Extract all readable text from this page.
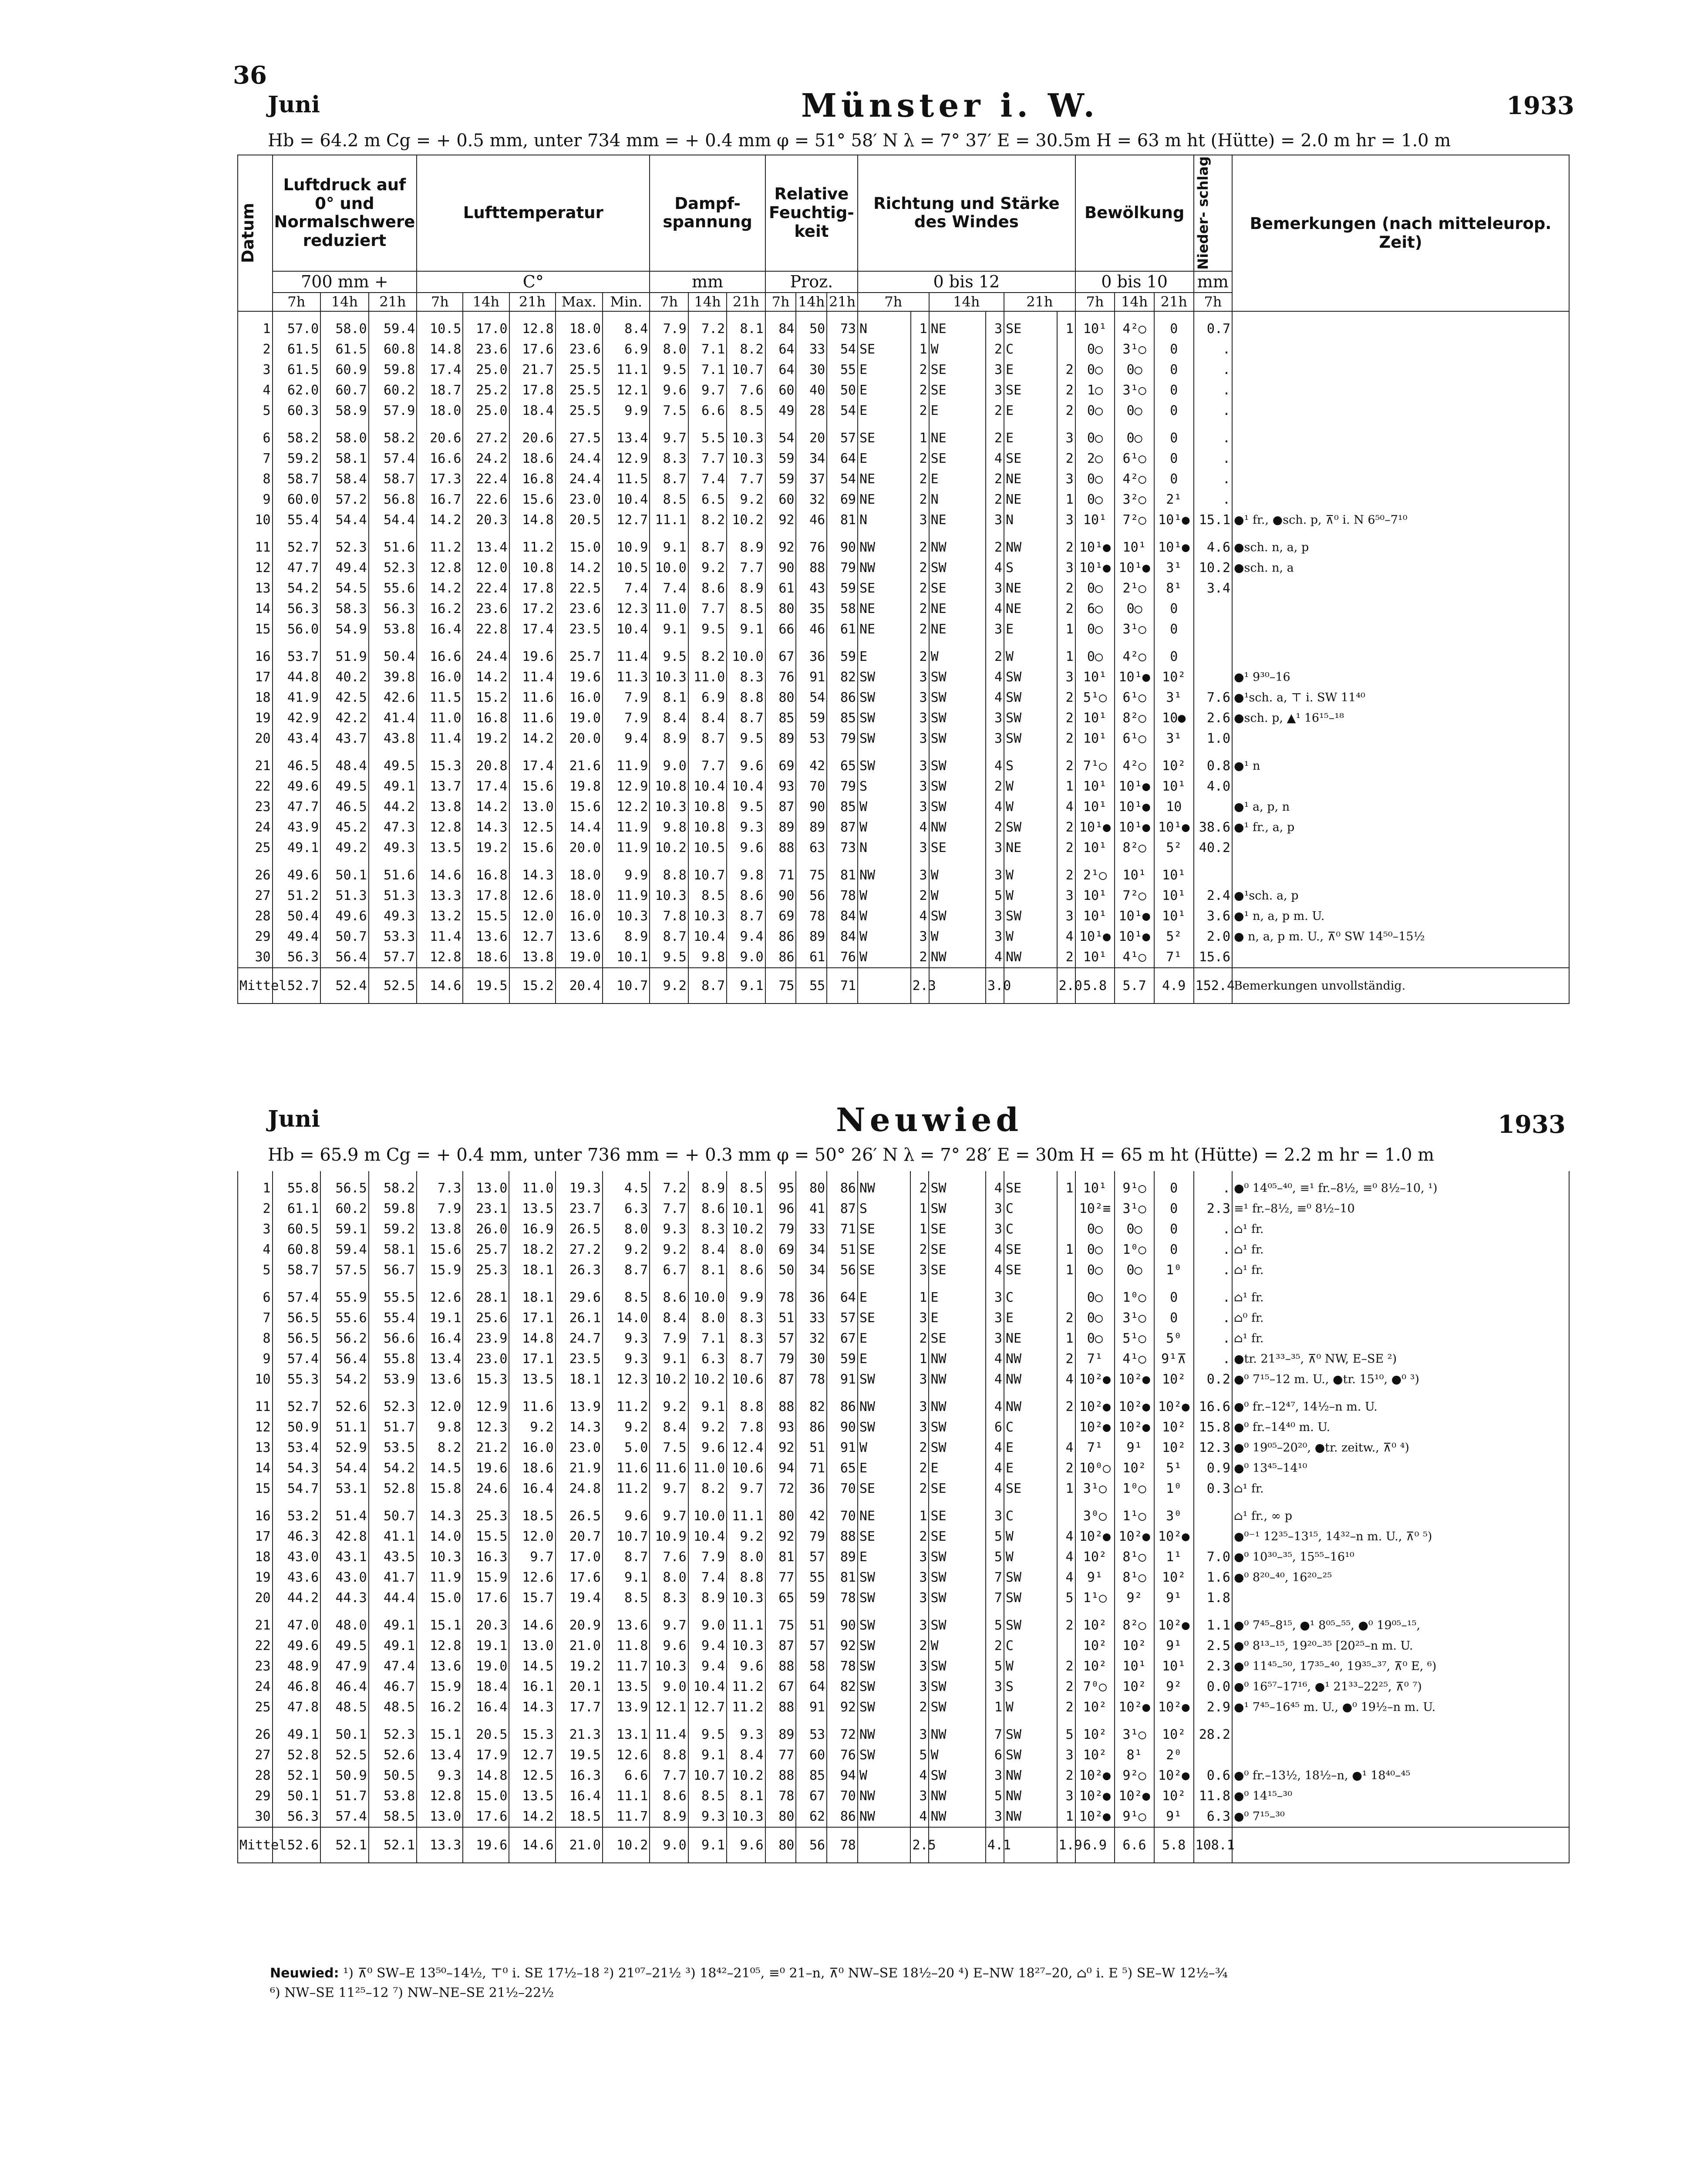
36
Juni	Münster i. W.	1933
Hb = 64.2 m Cg = + 0.5 mm, unter 734 mm = + 0.4 mm φ = 51° 58′ N λ = 7° 37′ E = 30.5m H = 63 m ht (Hütte) = 2.0 m hr = 1.0 m
Datum	Luftdruck auf 0° und Normalschwere reduziert			Lufttemperatur					Dampf- spannung			Relative Feuchtig- keit			Richtung und Stärke des Windes						Bewölkung			Nieder- schlag	Bemerkungen (nach mitteleurop. Zeit)
	700 mm +			C°					mm			Proz.			0 bis 12						0 bis 10			mm	
	7h	14h	21h	7h	14h	21h	Max.	Min.	7h	14h	21h	7h	14h	21h	7h		14h		21h		7h	14h	21h	7h	

1	57.0	58.0	59.4	10.5	17.0	12.8	18.0	8.4	7.9	7.2	8.1	84	50	73	N	1	NE	3	SE	1	10¹	4²○	0	0.7	
2	61.5	61.5	60.8	14.8	23.6	17.6	23.6	6.9	8.0	7.1	8.2	64	33	54	SE	1	W	2	C		0○	3¹○	0	.	
3	61.5	60.9	59.8	17.4	25.0	21.7	25.5	11.1	9.5	7.1	10.7	64	30	55	E	2	SE	3	E	2	0○	0○	0	.	
4	62.0	60.7	60.2	18.7	25.2	17.8	25.5	12.1	9.6	9.7	7.6	60	40	50	E	2	SE	3	SE	2	1○	3¹○	0	.	
5	60.3	58.9	57.9	18.0	25.0	18.4	25.5	9.9	7.5	6.6	8.5	49	28	54	E	2	E	2	E	2	0○	0○	0	.	

6	58.2	58.0	58.2	20.6	27.2	20.6	27.5	13.4	9.7	5.5	10.3	54	20	57	SE	1	NE	2	E	3	0○	0○	0	.	
7	59.2	58.1	57.4	16.6	24.2	18.6	24.4	12.9	8.3	7.7	10.3	59	34	64	E	2	SE	4	SE	2	2○	6¹○	0	.	
8	58.7	58.4	58.7	17.3	22.4	16.8	24.4	11.5	8.7	7.4	7.7	59	37	54	NE	2	E	2	NE	3	0○	4²○	0	.	
9	60.0	57.2	56.8	16.7	22.6	15.6	23.0	10.4	8.5	6.5	9.2	60	32	69	NE	2	N	2	NE	1	0○	3²○	2¹	.	
10	55.4	54.4	54.4	14.2	20.3	14.8	20.5	12.7	11.1	8.2	10.2	92	46	81	N	3	NE	3	N	3	10¹	7²○	10¹●	15.1	●¹ fr., ●sch. p, ⊼⁰ i. N 6⁵⁰–7¹⁰

11	52.7	52.3	51.6	11.2	13.4	11.2	15.0	10.9	9.1	8.7	8.9	92	76	90	NW	2	NW	2	NW	2	10¹●	10¹	10¹●	4.6	●sch. n, a, p
12	47.7	49.4	52.3	12.8	12.0	10.8	14.2	10.5	10.0	9.2	7.7	90	88	79	NW	2	SW	4	S	3	10¹●	10¹●	3¹	10.2	●sch. n, a
13	54.2	54.5	55.6	14.2	22.4	17.8	22.5	7.4	7.4	8.6	8.9	61	43	59	SE	2	SE	3	NE	2	0○	2¹○	8¹	3.4	
14	56.3	58.3	56.3	16.2	23.6	17.2	23.6	12.3	11.0	7.7	8.5	80	35	58	NE	2	NE	4	NE	2	6○	0○	0		
15	56.0	54.9	53.8	16.4	22.8	17.4	23.5	10.4	9.1	9.5	9.1	66	46	61	NE	2	NE	3	E	1	0○	3¹○	0		

16	53.7	51.9	50.4	16.6	24.4	19.6	25.7	11.4	9.5	8.2	10.0	67	36	59	E	2	W	2	W	1	0○	4²○	0		
17	44.8	40.2	39.8	16.0	14.2	11.4	19.6	11.3	10.3	11.0	8.3	76	91	82	SW	3	SW	4	SW	3	10¹	10¹●	10²		●¹ 9³⁰–16
18	41.9	42.5	42.6	11.5	15.2	11.6	16.0	7.9	8.1	6.9	8.8	80	54	86	SW	3	SW	4	SW	2	5¹○	6¹○	3¹	7.6	●¹sch. a, ⊤ i. SW 11⁴⁰
19	42.9	42.2	41.4	11.0	16.8	11.6	19.0	7.9	8.4	8.4	8.7	85	59	85	SW	3	SW	3	SW	2	10¹	8²○	10●	2.6	●sch. p, ▲¹ 16¹⁵–¹⁸
20	43.4	43.7	43.8	11.4	19.2	14.2	20.0	9.4	8.9	8.7	9.5	89	53	79	SW	3	SW	3	SW	2	10¹	6¹○	3¹	1.0	

21	46.5	48.4	49.5	15.3	20.8	17.4	21.6	11.9	9.0	7.7	9.6	69	42	65	SW	3	SW	4	S	2	7¹○	4²○	10²	0.8	●¹ n
22	49.6	49.5	49.1	13.7	17.4	15.6	19.8	12.9	10.8	10.4	10.4	93	70	79	S	3	SW	2	W	1	10¹	10¹●	10¹	4.0	
23	47.7	46.5	44.2	13.8	14.2	13.0	15.6	12.2	10.3	10.8	9.5	87	90	85	W	3	SW	4	W	4	10¹	10¹●	10		●¹ a, p, n
24	43.9	45.2	47.3	12.8	14.3	12.5	14.4	11.9	9.8	10.8	9.3	89	89	87	W	4	NW	2	SW	2	10¹●	10¹●	10¹●	38.6	●¹ fr., a, p
25	49.1	49.2	49.3	13.5	19.2	15.6	20.0	11.9	10.2	10.5	9.6	88	63	73	N	3	SE	3	NE	2	10¹	8²○	5²	40.2	

26	49.6	50.1	51.6	14.6	16.8	14.3	18.0	9.9	8.8	10.7	9.8	71	75	81	NW	3	W	3	W	2	2¹○	10¹	10¹		
27	51.2	51.3	51.3	13.3	17.8	12.6	18.0	11.9	10.3	8.5	8.6	90	56	78	W	2	W	5	W	3	10¹	7²○	10¹	2.4	●¹sch. a, p
28	50.4	49.6	49.3	13.2	15.5	12.0	16.0	10.3	7.8	10.3	8.7	69	78	84	W	4	SW	3	SW	3	10¹	10¹●	10¹	3.6	●¹ n, a, p m. U.
29	49.4	50.7	53.3	11.4	13.6	12.7	13.6	8.9	8.7	10.4	9.4	86	89	84	W	3	W	3	W	4	10¹●	10¹●	5²	2.0	● n, a, p m. U., ⊼⁰ SW 14⁵⁰–15½
30	56.3	56.4	57.7	12.8	18.6	13.8	19.0	10.1	9.5	9.8	9.0	86	61	76	W	2	NW	4	NW	2	10¹	4¹○	7¹	15.6	
Mittel	52.7	52.4	52.5	14.6	19.5	15.2	20.4	10.7	9.2	8.7	9.1	75	55	71		2.3		3.0		2.0	5.8	5.7	4.9	152.4	Bemerkungen unvollständig.
Juni	Neuwied	1933
Hb = 65.9 m Cg = + 0.4 mm, unter 736 mm = + 0.3 mm φ = 50° 26′ N λ = 7° 28′ E = 30m H = 65 m ht (Hütte) = 2.2 m hr = 1.0 m

1	55.8	56.5	58.2	7.3	13.0	11.0	19.3	4.5	7.2	8.9	8.5	95	80	86	NW	2	SW	4	SE	1	10¹	9¹○	0	.	●⁰ 14⁰⁵–⁴⁰, ≡¹ fr.–8½, ≡⁰ 8½–10, ¹)
2	61.1	60.2	59.8	7.9	23.1	13.5	23.7	6.3	7.7	8.6	10.1	96	41	87	S	1	SW	3	C		10²≡	3¹○	0	2.3	≡¹ fr.–8½, ≡⁰ 8½–10
3	60.5	59.1	59.2	13.8	26.0	16.9	26.5	8.0	9.3	8.3	10.2	79	33	71	SE	1	SE	3	C		0○	0○	0	.	⌂¹ fr.
4	60.8	59.4	58.1	15.6	25.7	18.2	27.2	9.2	9.2	8.4	8.0	69	34	51	SE	2	SE	4	SE	1	0○	1⁰○	0	.	⌂¹ fr.
5	58.7	57.5	56.7	15.9	25.3	18.1	26.3	8.7	6.7	8.1	8.6	50	34	56	SE	3	SE	4	SE	1	0○	0○	1⁰	.	⌂¹ fr.

6	57.4	55.9	55.5	12.6	28.1	18.1	29.6	8.5	8.6	10.0	9.9	78	36	64	E	1	E	3	C		0○	1⁰○	0	.	⌂¹ fr.
7	56.5	55.6	55.4	19.1	25.6	17.1	26.1	14.0	8.4	8.0	8.3	51	33	57	SE	3	E	3	E	2	0○	3¹○	0	.	⌂⁰ fr.
8	56.5	56.2	56.6	16.4	23.9	14.8	24.7	9.3	7.9	7.1	8.3	57	32	67	E	2	SE	3	NE	1	0○	5¹○	5⁰	.	⌂¹ fr.
9	57.4	56.4	55.8	13.4	23.0	17.1	23.5	9.3	9.1	6.3	8.7	79	30	59	E	1	NW	4	NW	2	7¹	4¹○	9¹⊼	.	●tr. 21³³–³⁵, ⊼⁰ NW, E–SE ²)
10	55.3	54.2	53.9	13.6	15.3	13.5	18.1	12.3	10.2	10.2	10.6	87	78	91	SW	3	NW	4	NW	4	10²●	10²●	10²	0.2	●⁰ 7¹⁵–12 m. U., ●tr. 15¹⁰, ●⁰ ³)

11	52.7	52.6	52.3	12.0	12.9	11.6	13.9	11.2	9.2	9.1	8.8	88	82	86	NW	3	NW	4	NW	2	10²●	10²●	10²●	16.6	●⁰ fr.–12⁴⁷, 14½–n m. U.
12	50.9	51.1	51.7	9.8	12.3	9.2	14.3	9.2	8.4	9.2	7.8	93	86	90	SW	3	SW	6	C		10²●	10²●	10²	15.8	●⁰ fr.–14⁴⁰ m. U.
13	53.4	52.9	53.5	8.2	21.2	16.0	23.0	5.0	7.5	9.6	12.4	92	51	91	W	2	SW	4	E	4	7¹	9¹	10²	12.3	●⁰ 19⁰⁵–20²⁰, ●tr. zeitw., ⊼⁰ ⁴)
14	54.3	54.4	54.2	14.5	19.6	18.6	21.9	11.6	11.6	11.0	10.6	94	71	65	E	2	E	4	E	2	10⁰○	10²	5¹	0.9	●⁰ 13⁴⁵–14¹⁰
15	54.7	53.1	52.8	15.8	24.6	16.4	24.8	11.2	9.7	8.2	9.7	72	36	70	SE	2	SE	4	SE	1	3¹○	1⁰○	1⁰	0.3	⌂¹ fr.

16	53.2	51.4	50.7	14.3	25.3	18.5	26.5	9.6	9.7	10.0	11.1	80	42	70	NE	1	SE	3	C		3⁰○	1¹○	3⁰		⌂¹ fr., ∞ p
17	46.3	42.8	41.1	14.0	15.5	12.0	20.7	10.7	10.9	10.4	9.2	92	79	88	SE	2	SE	5	W	4	10²●	10²●	10²●		●⁰⁻¹ 12³⁵–13¹⁵, 14³²–n m. U., ⊼⁰ ⁵)
18	43.0	43.1	43.5	10.3	16.3	9.7	17.0	8.7	7.6	7.9	8.0	81	57	89	E	3	SW	5	W	4	10²	8¹○	1¹	7.0	●⁰ 10³⁰–³⁵, 15⁵⁵–16¹⁰
19	43.6	43.0	41.7	11.9	15.9	12.6	17.6	9.1	8.0	7.4	8.8	77	55	81	SW	3	SW	7	SW	4	9¹	8¹○	10²	1.6	●⁰ 8²⁰–⁴⁰, 16²⁰–²⁵
20	44.2	44.3	44.4	15.0	17.6	15.7	19.4	8.5	8.3	8.9	10.3	65	59	78	SW	3	SW	7	SW	5	1¹○	9²	9¹	1.8	

21	47.0	48.0	49.1	15.1	20.3	14.6	20.9	13.6	9.7	9.0	11.1	75	51	90	SW	3	SW	5	SW	2	10²	8²○	10²●	1.1	●⁰ 7⁴⁵–8¹⁵, ●¹ 8⁰⁵–⁵⁵, ●⁰ 19⁰⁵–¹⁵,
22	49.6	49.5	49.1	12.8	19.1	13.0	21.0	11.8	9.6	9.4	10.3	87	57	92	SW	2	W	2	C		10²	10²	9¹	2.5	●⁰ 8¹³–¹⁵, 19²⁰–³⁵ [20²⁵–n m. U.
23	48.9	47.9	47.4	13.6	19.0	14.5	19.2	11.7	10.3	9.4	9.6	88	58	78	SW	3	SW	5	W	2	10²	10¹	10¹	2.3	●⁰ 11⁴⁵–⁵⁰, 17³⁵–⁴⁰, 19³⁵–³⁷, ⊼⁰ E, ⁶)
24	46.8	46.4	46.7	15.9	18.4	16.1	20.1	13.5	9.0	10.4	11.2	67	64	82	SW	3	SW	3	S	2	7⁰○	10²	9²	0.0	●⁰ 16⁵⁷–17¹⁶, ●¹ 21³³–22²⁵, ⊼⁰ ⁷)
25	47.8	48.5	48.5	16.2	16.4	14.3	17.7	13.9	12.1	12.7	11.2	88	91	92	SW	2	SW	1	W	2	10²	10²●	10²●	2.9	●¹ 7⁴⁵–16⁴⁵ m. U., ●⁰ 19½–n m. U.

26	49.1	50.1	52.3	15.1	20.5	15.3	21.3	13.1	11.4	9.5	9.3	89	53	72	NW	3	NW	7	SW	5	10²	3¹○	10²	28.2	
27	52.8	52.5	52.6	13.4	17.9	12.7	19.5	12.6	8.8	9.1	8.4	77	60	76	SW	5	W	6	SW	3	10²	8¹	2⁰		
28	52.1	50.9	50.5	9.3	14.8	12.5	16.3	6.6	7.7	10.7	10.2	88	85	94	W	4	SW	3	NW	2	10²●	9²○	10²●	0.6	●⁰ fr.–13½, 18½–n, ●¹ 18⁴⁰–⁴⁵
29	50.1	51.7	53.8	12.8	15.0	13.5	16.4	11.1	8.6	8.5	8.1	78	67	70	NW	3	NW	5	NW	3	10²●	10²●	10²	11.8	●⁰ 14¹⁵–³⁰
30	56.3	57.4	58.5	13.0	17.6	14.2	18.5	11.7	8.9	9.3	10.3	80	62	86	NW	4	NW	3	NW	1	10²●	9¹○	9¹	6.3	●⁰ 7¹⁵–³⁰
Mittel	52.6	52.1	52.1	13.3	19.6	14.6	21.0	10.2	9.0	9.1	9.6	80	56	78		2.5		4.1		1.9	6.9	6.6	5.8	108.1	
Neuwied: ¹) ⊼⁰ SW–E 13⁵⁰–14½, ⊤⁰ i. SE 17½–18 ²) 21⁰⁷–21½ ³) 18⁴²–21⁰⁵, ≡⁰ 21–n, ⊼⁰ NW–SE 18½–20 ⁴) E–NW 18²⁷–20, ⌂⁰ i. E ⁵) SE–W 12½–¾
⁶) NW–SE 11²⁵–12 ⁷) NW–NE–SE 21½–22½
